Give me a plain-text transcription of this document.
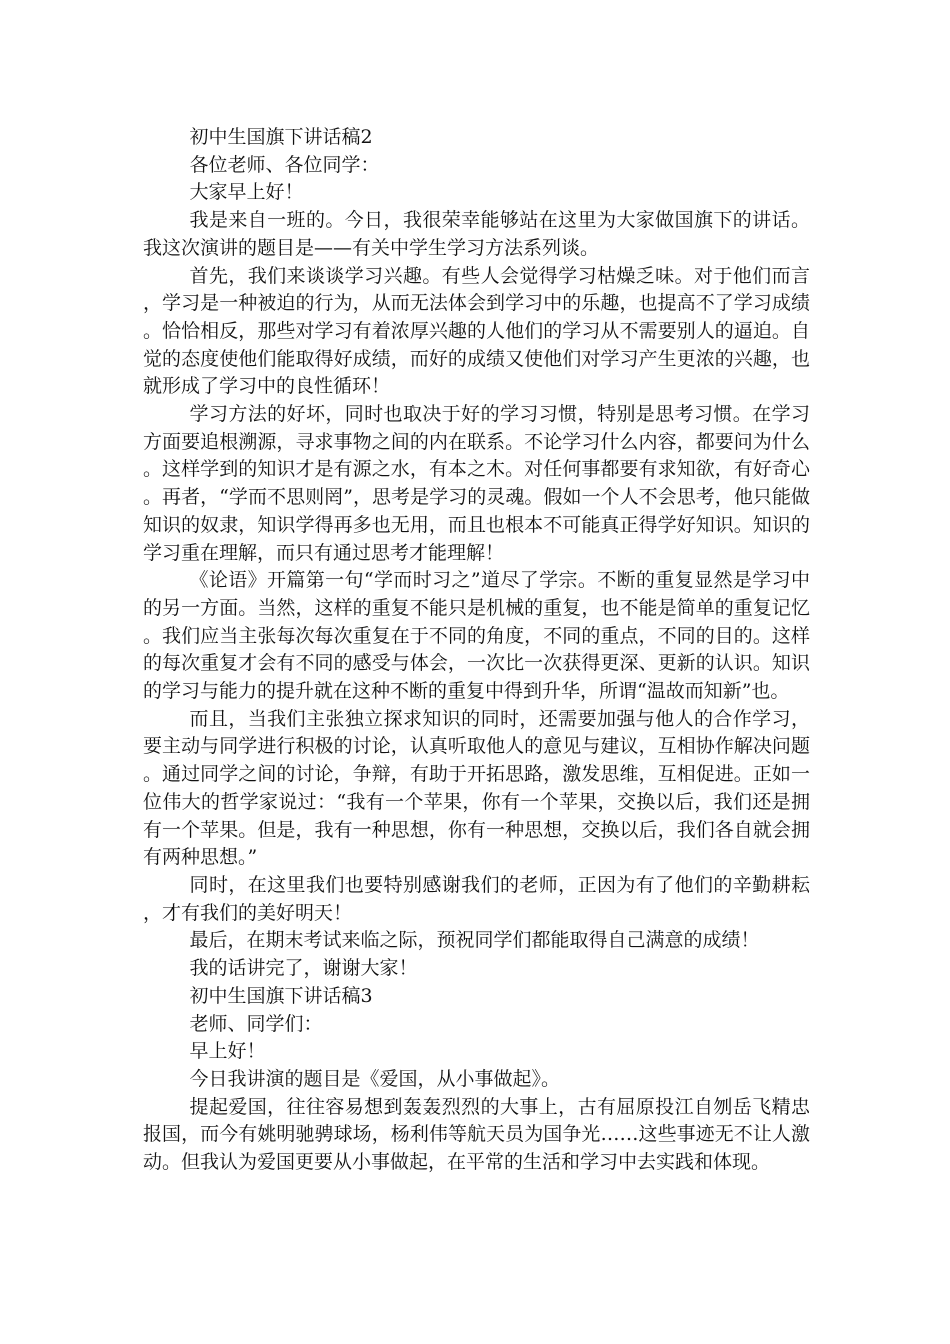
初中生国旗下讲话稿2

各位老师、各位同学：

大家早上好！

我是来自一班的。今日，我很荣幸能够站在这里为大家做国旗下的讲话。我这次演讲的题目是——有关中学生学习方法系列谈。

首先，我们来谈谈学习兴趣。有些人会觉得学习枯燥乏味。对于他们而言，学习是一种被迫的行为，从而无法体会到学习中的乐趣，也提高不了学习成绩。恰恰相反，那些对学习有着浓厚兴趣的人他们的学习从不需要别人的逼迫。自觉的态度使他们能取得好成绩，而好的成绩又使他们对学习产生更浓的兴趣，也就形成了学习中的良性循环！

学习方法的好坏，同时也取决于好的学习习惯，特别是思考习惯。在学习方面要追根溯源，寻求事物之间的内在联系。不论学习什么内容，都要问为什么。这样学到的知识才是有源之水，有本之木。对任何事都要有求知欲，有好奇心。再者，“学而不思则罔”，思考是学习的灵魂。假如一个人不会思考，他只能做知识的奴隶，知识学得再多也无用，而且也根本不可能真正得学好知识。知识的学习重在理解，而只有通过思考才能理解！

《论语》开篇第一句“学而时习之”道尽了学宗。不断的重复显然是学习中的另一方面。当然，这样的重复不能只是机械的重复，也不能是简单的重复记忆。我们应当主张每次每次重复在于不同的角度，不同的重点，不同的目的。这样的每次重复才会有不同的感受与体会，一次比一次获得更深、更新的认识。知识的学习与能力的提升就在这种不断的重复中得到升华，所谓“温故而知新”也。

而且，当我们主张独立探求知识的同时，还需要加强与他人的合作学习，要主动与同学进行积极的讨论，认真听取他人的意见与建议，互相协作解决问题。通过同学之间的讨论，争辩，有助于开拓思路，激发思维，互相促进。正如一位伟大的哲学家说过：“我有一个苹果，你有一个苹果，交换以后，我们还是拥有一个苹果。但是，我有一种思想，你有一种思想，交换以后，我们各自就会拥有两种思想。”

同时，在这里我们也要特别感谢我们的老师，正因为有了他们的辛勤耕耘，才有我们的美好明天！

最后，在期末考试来临之际，预祝同学们都能取得自己满意的成绩！

我的话讲完了，谢谢大家！

初中生国旗下讲话稿3

老师、同学们：

早上好！

今日我讲演的题目是《爱国，从小事做起》。

提起爱国，往往容易想到轰轰烈烈的大事上，古有屈原投江自刎岳飞精忠报国，而今有姚明驰骋球场，杨利伟等航天员为国争光……这些事迹无不让人激动。但我认为爱国更要从小事做起，在平常的生活和学习中去实践和体现。
